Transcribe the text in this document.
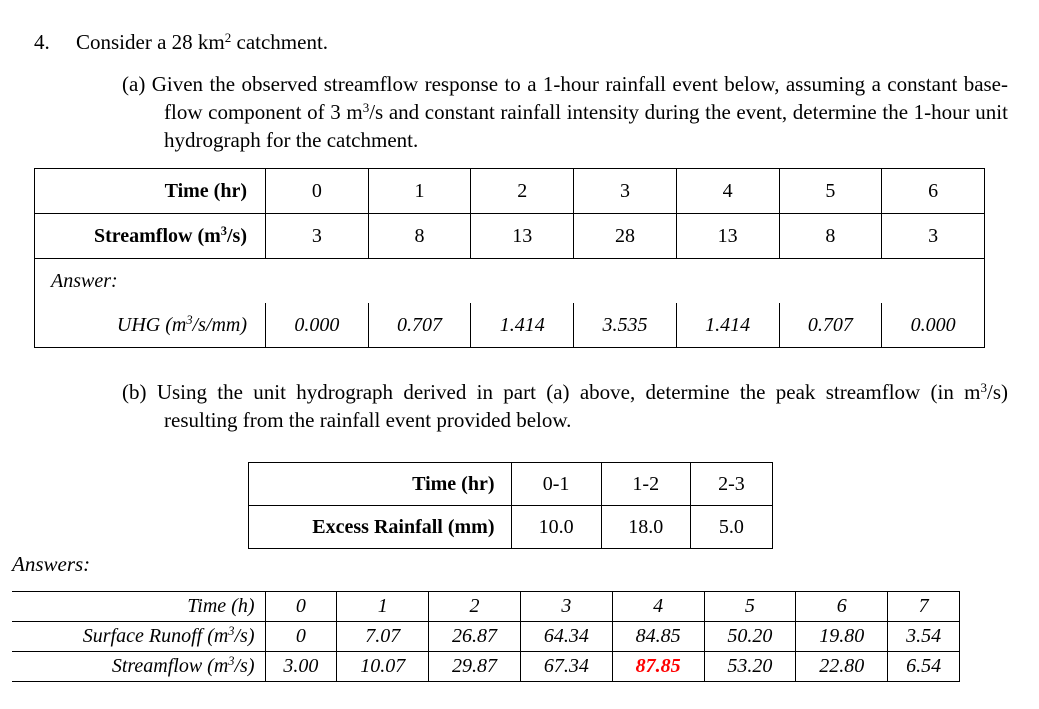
4. Consider a 28 $km^2$ catchment.
(a) Given the observed streamflow response to a 1-hour rainfall event below, assuming a constant base-flow component of 3 $m^3/s$ and constant rainfall intensity during the event, determine the 1-hour unit hydrograph for the catchment.
Time (hr)	0	1	2	3	4	5	6
Streamflow $(m^3/s)$	3	8	13	28	13	8	3
Answer:							
UHG $(m^3/s/mm)$	0.000	0.707	1.414	3.535	1.414	0.707	0.000
(b) Using the unit hydrograph derived in part (a) above, determine the peak streamflow (in $m^3/s$) resulting from the rainfall event provided below.
Time (hr)	0-1	1-2	2-3
Excess Rainfall (mm)	10.0	18.0	5.0
Answers:
Time (h)	0	1	2	3	4	5	6	7
Surface Runoff $(m^3/s)$	0	7.07	26.87	64.34	84.85	50.20	19.80	3.54
Streamflow $(m^3/s)$	3.00	10.07	29.87	67.34	87.85	53.20	22.80	6.54
